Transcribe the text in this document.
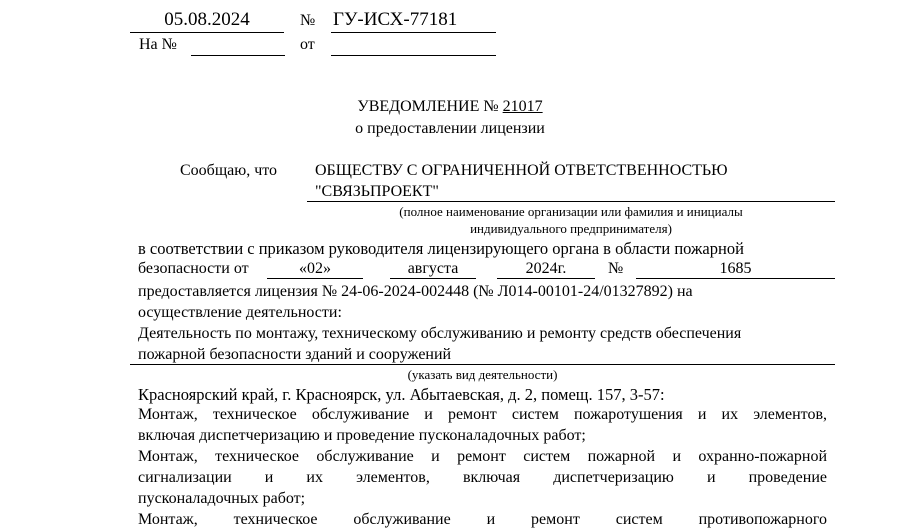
05.08.2024	№ ГУ-ИСХ-77181
На №	от
УВЕДОМЛЕНИЕ № 21017
о предоставлении лицензии
Сообщаю, что ОБЩЕСТВУ С ОГРАНИЧЕННОЙ ОТВЕТСТВЕННОСТЬЮ
"СВЯЗЬПРОЕКТ"
(полное наименование организации или фамилия и инициалы
индивидуального предпринимателя)
в соответствии с приказом руководителя лицензирующего органа в области пожарной
безопасности от	«02»	августа	2024г.	№	1685
предоставляется лицензия № 24-06-2024-002448 (№ Л014-00101-24/01327892) на
осуществление деятельности:
Деятельность по монтажу, техническому обслуживанию и ремонту средств обеспечения
пожарной безопасности зданий и сооружений
(указать вид деятельности)
Красноярский край, г. Красноярск, ул. Абытаевская, д. 2, помещ. 157, 3-57:
Монтаж, техническое обслуживание и ремонт систем пожаротушения и их элементов,
включая диспетчеризацию и проведение пусконаладочных работ;
Монтаж, техническое обслуживание и ремонт систем пожарной и охранно-пожарной
сигнализации и их элементов, включая диспетчеризацию и проведение
пусконаладочных работ;
Монтаж, техническое обслуживание и ремонт систем противопожарного
